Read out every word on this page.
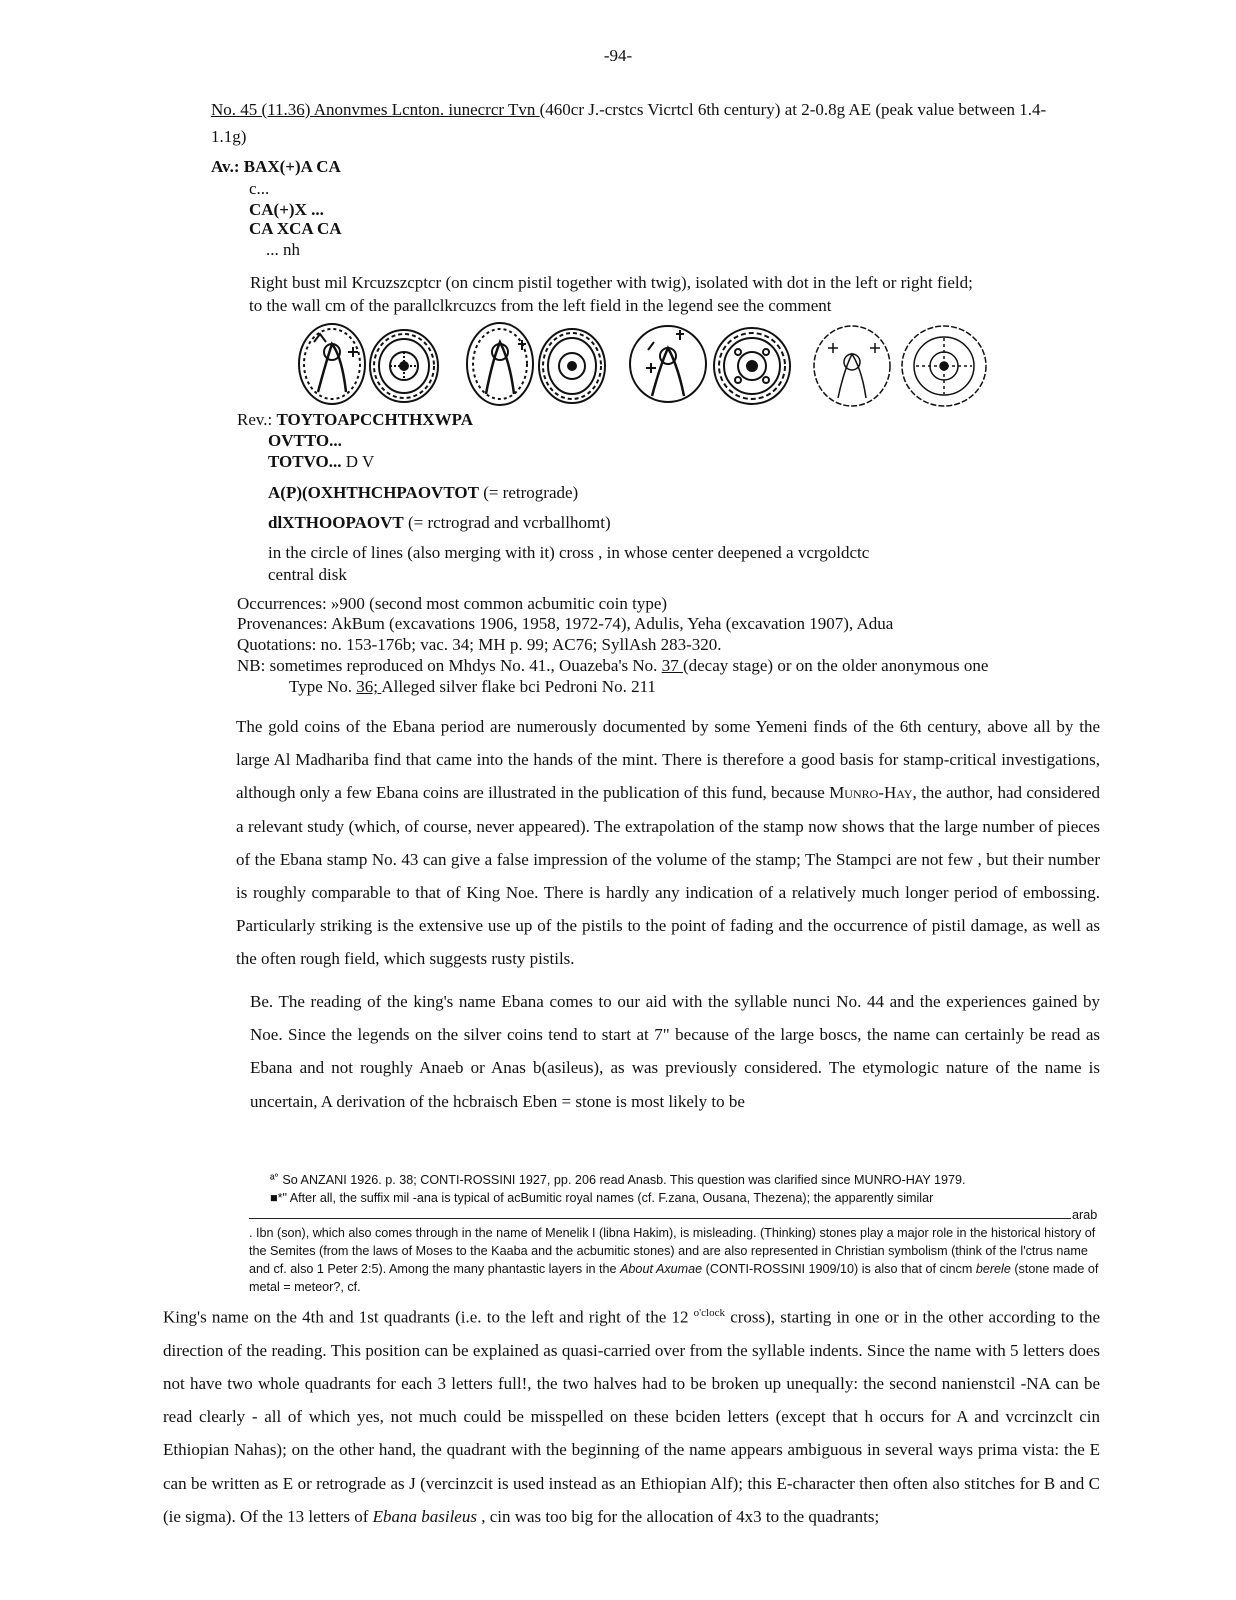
-94-
No. 45 (11.36) Anonvmes Lcnton. iunecrcr Tvn (460cr J.-crstcs Vicrtcl 6th century) at 2-0.8g AE (peak value between 1.4-
1.1g)
Av.: BAX(+)A CA
c...
CA(+)X ...
CA XCA CA
... nh
Right bust mil Krcuzszcptcr (on cincm pistil together with twig), isolated with dot in the left or right field;
to the wall cm of the parallclkrcuzcs from the left field in the legend see the comment
Rev.: TOYTOAPCCHTHXWPA
OVTTO...
TOTVO... D V
A(P)(OXHTHCHPAOVTOT (= retrograde)
dlXTHOOPAOVT (= rctrograd and vcrballhomt)
in the circle of lines (also merging with it) cross , in whose center deepened a vcrgoldctc
central disk
Occurrences: »900 (second most common acbumitic coin type)
Provenances: AkBum (excavations 1906, 1958, 1972-74), Adulis, Yeha (excavation 1907), Adua
Quotations: no. 153-176b; vac. 34; MH p. 99; AC76; SyllAsh 283-320.
NB: sometimes reproduced on Mhdys No. 41., Ouazeba's No. 37 (decay stage) or on the older anonymous one
Type No. 36; Alleged silver flake bci Pedroni No. 211
The gold coins of the Ebana period are numerously documented by some Yemeni finds of the 6th century, above all by the large Al Madhariba find that came into the hands of the mint. There is therefore a good basis for stamp-critical investigations, although only a few Ebana coins are illustrated in the publication of this fund, because Munro-Hay, the author, had considered a relevant study (which, of course, never appeared). The extrapolation of the stamp now shows that the large number of pieces of the Ebana stamp No. 43 can give a false impression of the volume of the stamp; The Stampci are not few , but their number is roughly comparable to that of King Noe. There is hardly any indication of a relatively much longer period of embossing. Particularly striking is the extensive use up of the pistils to the point of fading and the occurrence of pistil damage, as well as the often rough field, which suggests rusty pistils.
Be. The reading of the king's name Ebana comes to our aid with the syllable nunci No. 44 and the experiences gained by Noe. Since the legends on the silver coins tend to start at 7" because of the large boscs, the name can certainly be read as Ebana and not roughly Anaeb or Anas b(asileus), as was previously considered. The etymologic nature of the name is uncertain, A derivation of the hcbraisch Eben = stone is most likely to be
ª˚ So ANZANI 1926. p. 38; CONTI-ROSSINI 1927, pp. 206 read Anasb. This question was clarified since MUNRO-HAY 1979.
■*" After all, the suffix mil -ana is typical of acBumitic royal names (cf. F.zana, Ousana, Thezena); the apparently similar
arab
. Ibn (son), which also comes through in the name of Menelik I (libna Hakim), is misleading. (Thinking) stones play a major role in the historical history of the Semites (from the laws of Moses to the Kaaba and the acbumitic stones) and are also represented in Christian symbolism (think of the l'ctrus name and cf. also 1 Peter 2:5). Among the many phantastic layers in the About Axumae (CONTI-ROSSINI 1909/10) is also that of cincm berele (stone made of metal = meteor?, cf.
King's name on the 4th and 1st quadrants (i.e. to the left and right of the 12 $^{o'clock}$ cross), starting in one or in the other according to the direction of the reading. This position can be explained as quasi-carried over from the syllable indents. Since the name with 5 letters does not have two whole quadrants for each 3 letters full!, the two halves had to be broken up unequally: the second nanienstcil -NA can be read clearly - all of which yes, not much could be misspelled on these bciden letters (except that h occurs for A and vcrcinzclt cin Ethiopian Nahas); on the other hand, the quadrant with the beginning of the name appears ambiguous in several ways prima vista: the E can be written as E or retrograde as J (vercinzcit is used instead as an Ethiopian Alf); this E-character then often also stitches for B and C (ie sigma). Of the 13 letters of Ebana basileus , cin was too big for the allocation of 4x3 to the quadrants;
